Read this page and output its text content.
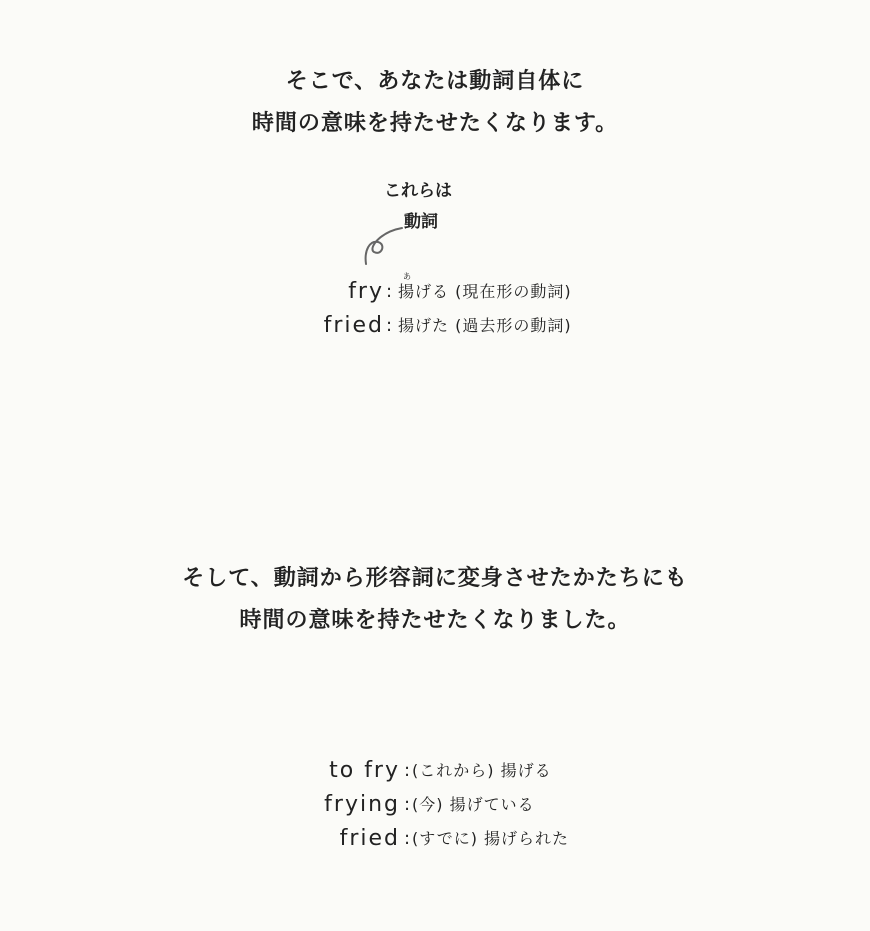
そこで、あなたは動詞自体に
時間の意味を持たせたくなります。
これらは
動詞
fry :
あ
揚げる (現在形の動詞)
fried : 揚げた (過去形の動詞)
そして、動詞から形容詞に変身させたかたちにも
時間の意味を持たせたくなりました。
to fry : (これから) 揚げる
frying : (今) 揚げている
fried : (すでに) 揚げられた
